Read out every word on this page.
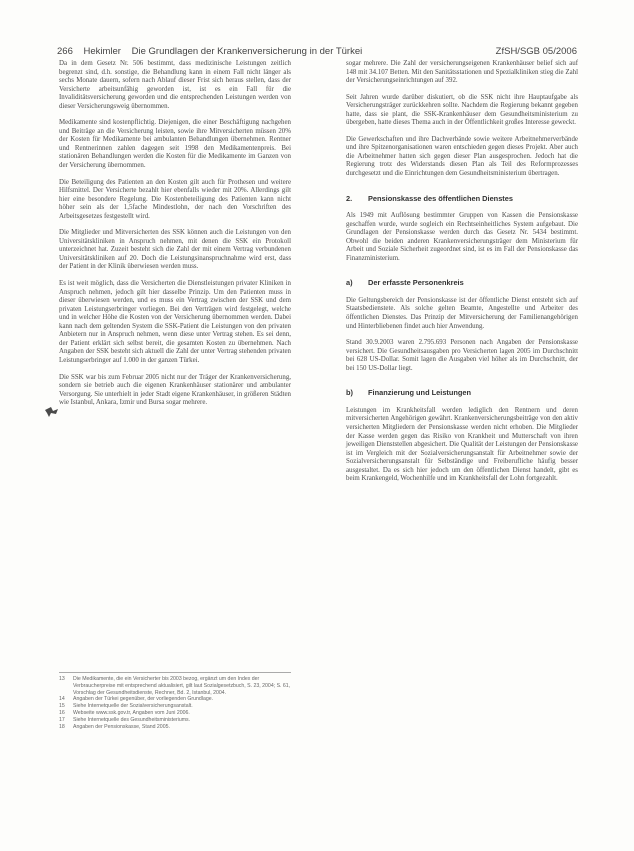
266 Hekimler Die Grundlagen der Krankenversicherung in der Türkei	ZfSH/SGB 05/2006

Da in dem Gesetz Nr. 506 bestimmt, dass medizinische Leistungen zeitlich begrenzt sind, d.h. sonstige, die Behandlung kann in einem Fall nicht länger als sechs Monate dauern, sofern nach Ablauf dieser Frist sich heraus stellen, dass der Versicherte arbeitsunfähig geworden ist, ist es ein Fall für die Invaliditätsversicherung geworden und die entsprechenden Leistungen werden von dieser Versicherungsweig übernommen.

Medikamente sind kostenpflichtig. Diejenigen, die einer Beschäftigung nachgehen und Beiträge an die Versicherung leisten, sowie ihre Mitversicherten müssen 20% der Kosten für Medikamente bei ambulanten Behandlungen übernehmen. Rentner und Rentnerinnen zahlen dagegen seit 1998 den Medikamentenpreis. Bei stationären Behandlungen werden die Kosten für die Medikamente im Ganzen von der Versicherung übernommen.

Die Beteiligung des Patienten an den Kosten gilt auch für Prothesen und weitere Hilfsmittel. Der Versicherte bezahlt hier ebenfalls wieder mit 20%. Allerdings gilt hier eine besondere Regelung. Die Kostenbeteiligung des Patienten kann nicht höher sein als der 1,5fache Mindestlohn, der nach den Vorschriften des Arbeitsgesetzes festgestellt wird.

Die Mitglieder und Mitversicherten des SSK können auch die Leistungen von den Universitätskliniken in Anspruch nehmen, mit denen die SSK ein Protokoll unterzeichnet hat. Zuzeit besteht sich die Zahl der mit einem Vertrag verbundenen Universitätskliniken auf 20. Doch die Leistungsinanspruchnahme wird erst, dass der Patient in der Klinik überwiesen werden muss.

Es ist weit möglich, dass die Versicherten die Dienstleistungen privater Kliniken in Anspruch nehmen, jedoch gilt hier dasselbe Prinzip. Um den Patienten muss in dieser überwiesen werden, und es muss ein Vertrag zwischen der SSK und dem privaten Leistungserbringer vorliegen. Bei den Verträgen wird festgelegt, welche und in welcher Höhe die Kosten von der Versicherung übernommen werden. Dabei kann nach dem geltenden System die SSK-Patient die Leistungen von den privaten Anbietern nur in Anspruch nehmen, wenn diese unter Vertrag stehen. Es sei denn, der Patient erklärt sich selbst bereit, die gesamten Kosten zu übernehmen. Nach Angaben der SSK besteht sich aktuell die Zahl der unter Vertrag stehenden privaten Leistungserbringer auf 1.000 in der ganzen Türkei.

Die SSK war bis zum Februar 2005 nicht nur der Träger der Krankenversicherung, sondern sie betrieb auch die eigenen Krankenhäuser stationärer und ambulanter Versorgung. Sie unterhielt in jeder Stadt eigene Krankenhäuser, in größeren Städten wie Istanbul, Ankara, Izmir und Bursa sogar mehrere.

sogar mehrere. Die Zahl der versicherungseigenen Krankenhäuser belief sich auf 148 mit 34.107 Betten. Mit den Sanitätsstationen und Spezialkliniken stieg die Zahl der Versicherungseinrichtungen auf 392.

Seit Jahren wurde darüber diskutiert, ob die SSK nicht ihre Hauptaufgabe als Versicherungsträger zurückkehren sollte. Nachdem die Regierung bekannt gegeben hatte, dass sie plant, die SSK-Krankenhäuser dem Gesundheitsministerium zu übergeben, hatte dieses Thema auch in der Öffentlichkeit großes Interesse geweckt.

Die Gewerkschaften und ihre Dachverbände sowie weitere Arbeitnehmerverbände und ihre Spitzenorganisationen waren entschieden gegen dieses Projekt. Aber auch die Arbeitnehmer hatten sich gegen dieser Plan ausgesprochen. Jedoch hat die Regierung trotz des Widerstands diesen Plan als Teil des Reformprozesses durchgesetzt und die Einrichtungen dem Gesundheitsministerium übertragen.

2. Pensionskasse des öffentlichen Dienstes

Als 1949 mit Auflösung bestimmter Gruppen von Kassen die Pensionskasse geschaffen wurde, wurde sogleich ein Rechtseinheitliches System aufgebaut. Die Grundlagen der Pensionskasse werden durch das Gesetz Nr. 5434 bestimmt. Obwohl die beiden anderen Krankenversicherungsträger dem Ministerium für Arbeit und Soziale Sicherheit zugeordnet sind, ist es im Fall der Pensionskasse das Finanzministerium.

a) Der erfasste Personenkreis

Die Geltungsbereich der Pensionskasse ist der öffentliche Dienst entsteht sich auf Staatsbedienstete. Als solche gelten Beamte, Angestellte und Arbeiter des öffentlichen Dienstes. Das Prinzip der Mitversicherung der Familienangehörigen und Hinterbliebenen findet auch hier Anwendung.

Stand 30.9.2003 waren 2.795.693 Personen nach Angaben der Pensionskasse versichert. Die Gesundheitsausgaben pro Versicherten lagen 2005 im Durchschnitt bei 628 US-Dollar. Somit lagen die Ausgaben viel höher als im Durchschnitt, der bei 150 US-Dollar liegt.

b) Finanzierung und Leistungen

Leistungen im Krankheitsfall werden lediglich den Rentnern und deren mitversicherten Angehörigen gewährt. Krankenversicherungsbeiträge von den aktiv versicherten Mitgliedern der Pensionskasse werden nicht erhoben. Die Mitglieder der Kasse werden gegen das Risiko von Krankheit und Mutterschaft von ihren jeweiligen Dienststellen abgesichert. Die Qualität der Leistungen der Pensionskasse ist im Vergleich mit der Sozialversicherungsanstalt für Arbeitnehmer sowie der Sozialversicherungsanstalt für Selbständige und Freiberufliche häufig besser ausgestaltet. Da es sich hier jedoch um den öffentlichen Dienst handelt, gibt es beim Krankengeld, Wochenhilfe und im Krankheitsfall der Lohn fortgezahlt.

13	Die Medikamente, die ein Versicherter bis 2003 bezog, ergänzt um den Index der Verbraucherpreise mit entsprechend aktualisiert, gilt laut Sozialgesetzbuch, S. 23, 2004; S. 61, Vorschlag der Gesundheitsdienste, Rechner, Bd. 2, Istanbul, 2004.
14	Angaben der Türkei gegenüber, der vorliegenden Grundlage.
15	Siehe Internetquelle der Sozialversicherungsanstalt.
16	Webseite www.ssk.gov.tr, Angaben vom Juni 2006.
17	Siehe Internetquelle des Gesundheitsministeriums.
18	Angaben der Pensionskasse, Stand 2005.
